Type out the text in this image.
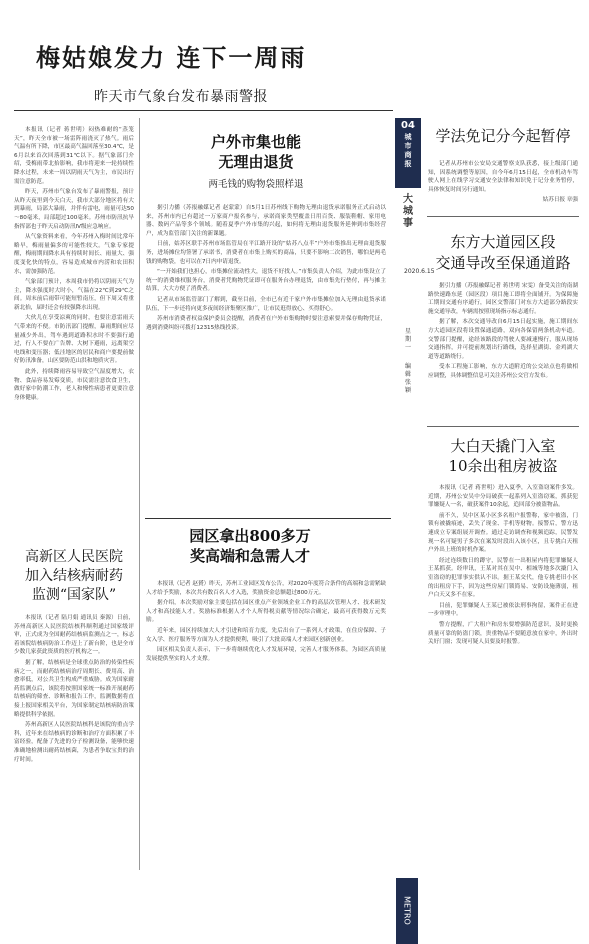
梅姑娘发力 连下一周雨
昨天市气象台发布暴雨警报

本报讯（记者 蒋世明）闷热难耐的“蒸笼天”，昨天全市被一场雷阵雨浇灭了热气。雨后气温有所下降，市区最高气温回落至30.4℃，是6月以来首次回落到31℃以下。据气象部门介绍，受梅雨带北抬影响，我市将迎来一轮持续性降水过程，未来一周以阴雨天气为主，市民出行需注意防范。

昨天，苏州市气象台发布了暴雨警报，预计从昨天夜里到今天白天，我市大部分地区将有大到暴雨，局部大暴雨，并伴有雷电，雨量可达50～80毫米，局部超过100毫米。苏州市防汛抗旱指挥部也于昨天启动防汛IV级应急响应。

从气象资料来看，今年苏州入梅时间比常年略早，梅雨量偏多的可能性较大。气象专家提醒，梅雨期间降水具有持续时间长、雨量大、强度变化快的特点，容易造成城市内涝和农田积水，需加强防范。

气象部门预计，本周我市仍将以阴雨天气为主，降水强度时大时小，气温在22℃到29℃之间。周末前后雨带可能短暂南压，但下周又将重新北抬，届时还会有较强降水出现。

大伙儿在享受凉爽的同时，也要注意雷雨天气带来的不便。市防汛部门提醒，暴雨期间应尽量减少外出，驾车遇到道路积水时不要强行通过，行人不要在广告牌、大树下避雨，远离架空电线和变压器；低洼地区的居民和商户要提前做好防汛准备，山区要防范山洪和地质灾害。

此外，持续降雨容易导致空气湿度增大，衣物、食品容易发霉变质，市民需注意饮食卫生，做好家中防潮工作，老人和慢性病患者更要注意身体健康。

户外市集也能
无理由退货
两毛钱的购物袋照样退

据引力播（苏报融媒记者 赵蒙蒙）自5月1日苏州线下购物无理由退货承诺服务正式启动以来，苏州市内已有超过一万家商户报名参与，承诺商家类型覆盖日用百货、服装鞋帽、家用电器、数码产品等多个领域。随着夏季户外市集的兴起，如何将无理由退货服务延伸到市集经营户，成为监管部门关注的新课题。

日前，姑苏区联手苏州市场监管局在平江路开设的“姑苏八点半”户外市集推出无理由退货服务，进场摊位均签署了承诺书，消费者在市集上购买的商品，只要不影响二次销售，哪怕是两毛钱的购物袋，也可以在7日内申请退货。

“一开始我们也担心，市集摊位流动性大，退货不好找人。”市集负责人介绍，为此市集设立了统一的消费维权服务台，消费者凭购物凭证即可在服务台办理退货，由市集先行垫付，再与摊主结算，大大方便了消费者。

记者从市场监管部门了解到，截至目前，全市已有近千家户外市集摊位加入无理由退货承诺队伍，下一步还将向更多夜间经济集聚区推广，让市民逛得放心、买得舒心。

苏州市消费者权益保护委员会提醒，消费者在户外市集购物时要注意索要并保存购物凭证，遇到消费纠纷可拨打12315热线投诉。

园区拿出800多万
奖高端和急需人才

本报讯（记者 赵贇）昨天，苏州工业园区发布公告，对2020年度符合条件的高端和急需紧缺人才给予奖励，本次共有数百名人才入选，奖励资金总额超过800万元。

据介绍，本次奖励对象主要包括在园区重点产业领域企业工作的高层次管理人才、技术研发人才和高技能人才。奖励标准根据人才个人所得税贡献等情况综合确定，最高可获得数万元奖励。

近年来，园区持续加大人才引进和培育力度，先后出台了一系列人才政策，在住房保障、子女入学、医疗服务等方面为人才提供便利，吸引了大批高端人才来园区创新创业。

园区相关负责人表示，下一步将继续优化人才发展环境，完善人才服务体系，为园区高质量发展提供坚实的人才支撑。

高新区人民医院
加入结核病耐药
监测“国家队”

本报讯（记者 陆月娟 通讯员 秦源）日前，苏州高新区人民医院结核科顺利通过国家级评审，正式成为全国耐药结核病监测点之一，标志着该院结核病防治工作迈上了新台阶，也是全市少数几家获此资质的医疗机构之一。

据了解，结核病是全球重点防治的传染性疾病之一，而耐药结核病治疗周期长、费用高、治愈率低，对公共卫生构成严重威胁。成为国家耐药监测点后，该院将按照国家统一标准开展耐药结核病的筛查、诊断和报告工作，监测数据将直接上报国家相关平台，为国家制定结核病防治策略提供科学依据。

苏州高新区人民医院结核科是该院的重点学科，近年来在结核病的诊断和治疗方面积累了丰富经验，配备了先进的分子检测设备，能够快速准确地检测出耐药结核菌，为患者争取宝贵的治疗时间。

04
城市商报
大城事
2020.6.15
星期一
编辑 张颖
METRO
学法免记分今起暂停

记者从苏州市公安局交通警察支队获悉，接上级部门通知，因系统调整等原因，自今年6月15日起，全市机动车驾驶人网上在线学习交通安全法律和知识免于记分业务暂停，具体恢复时间另行通知。

姑苏日报 章强
东方大道园区段
交通导改至保通道路

据引力播（苏报融媒记者 蒋世明 宋雯）备受关注的南湖路快速路东延（园区段）项目施工即将全面铺开。为保障施工期间交通有序通行，园区交警部门对东方大道部分路段实施交通导改，车辆需按照现场指示标志通行。

据了解，本次交通导改自6月15日起实施，施工期间东方大道园区段将设置保通道路，双向各保留两条机动车道。交警部门提醒，途经该路段的驾驶人要减速慢行，服从现场交通指挥，并可提前规划出行路线，选择星湖街、金鸡湖大道等道路绕行。

受本工程施工影响，东方大道附近的公交站点也将做相应调整，具体调整信息可关注苏州公交官方发布。

大白天撬门入室
10余出租房被盗

本报讯（记者 蒋世明）进入夏季，入室盗窃案件多发。近期，苏州公安吴中分局破获一起系列入室盗窃案，抓获犯罪嫌疑人一名，破获案件10余起，追回部分被盗物品。

前不久，吴中区某小区多名租户报警称，家中被盗，门锁有被撬痕迹，丢失了现金、手机等财物。接警后，警方迅速成立专案组展开调查。通过走访调查和视频追踪，民警发现一名可疑男子多次在案发时段出入该小区，且专挑白天租户外出上班的时机作案。

经过连续数日的蹲守，民警在一出租屋内将犯罪嫌疑人王某抓获。经审讯，王某对其在吴中、相城等地多次撬门入室盗窃的犯罪事实供认不讳。据王某交代，他专挑老旧小区的出租房下手，因为这些房屋门锁简易、安防设施薄弱，租户白天又多不在家。

目前，犯罪嫌疑人王某已被依法刑事拘留，案件正在进一步审理中。

警方提醒，广大租户和房东要增强防范意识，及时更换质量可靠的防盗门锁，贵重物品不要随意放在家中，外出时关好门窗；发现可疑人员要及时报警。
